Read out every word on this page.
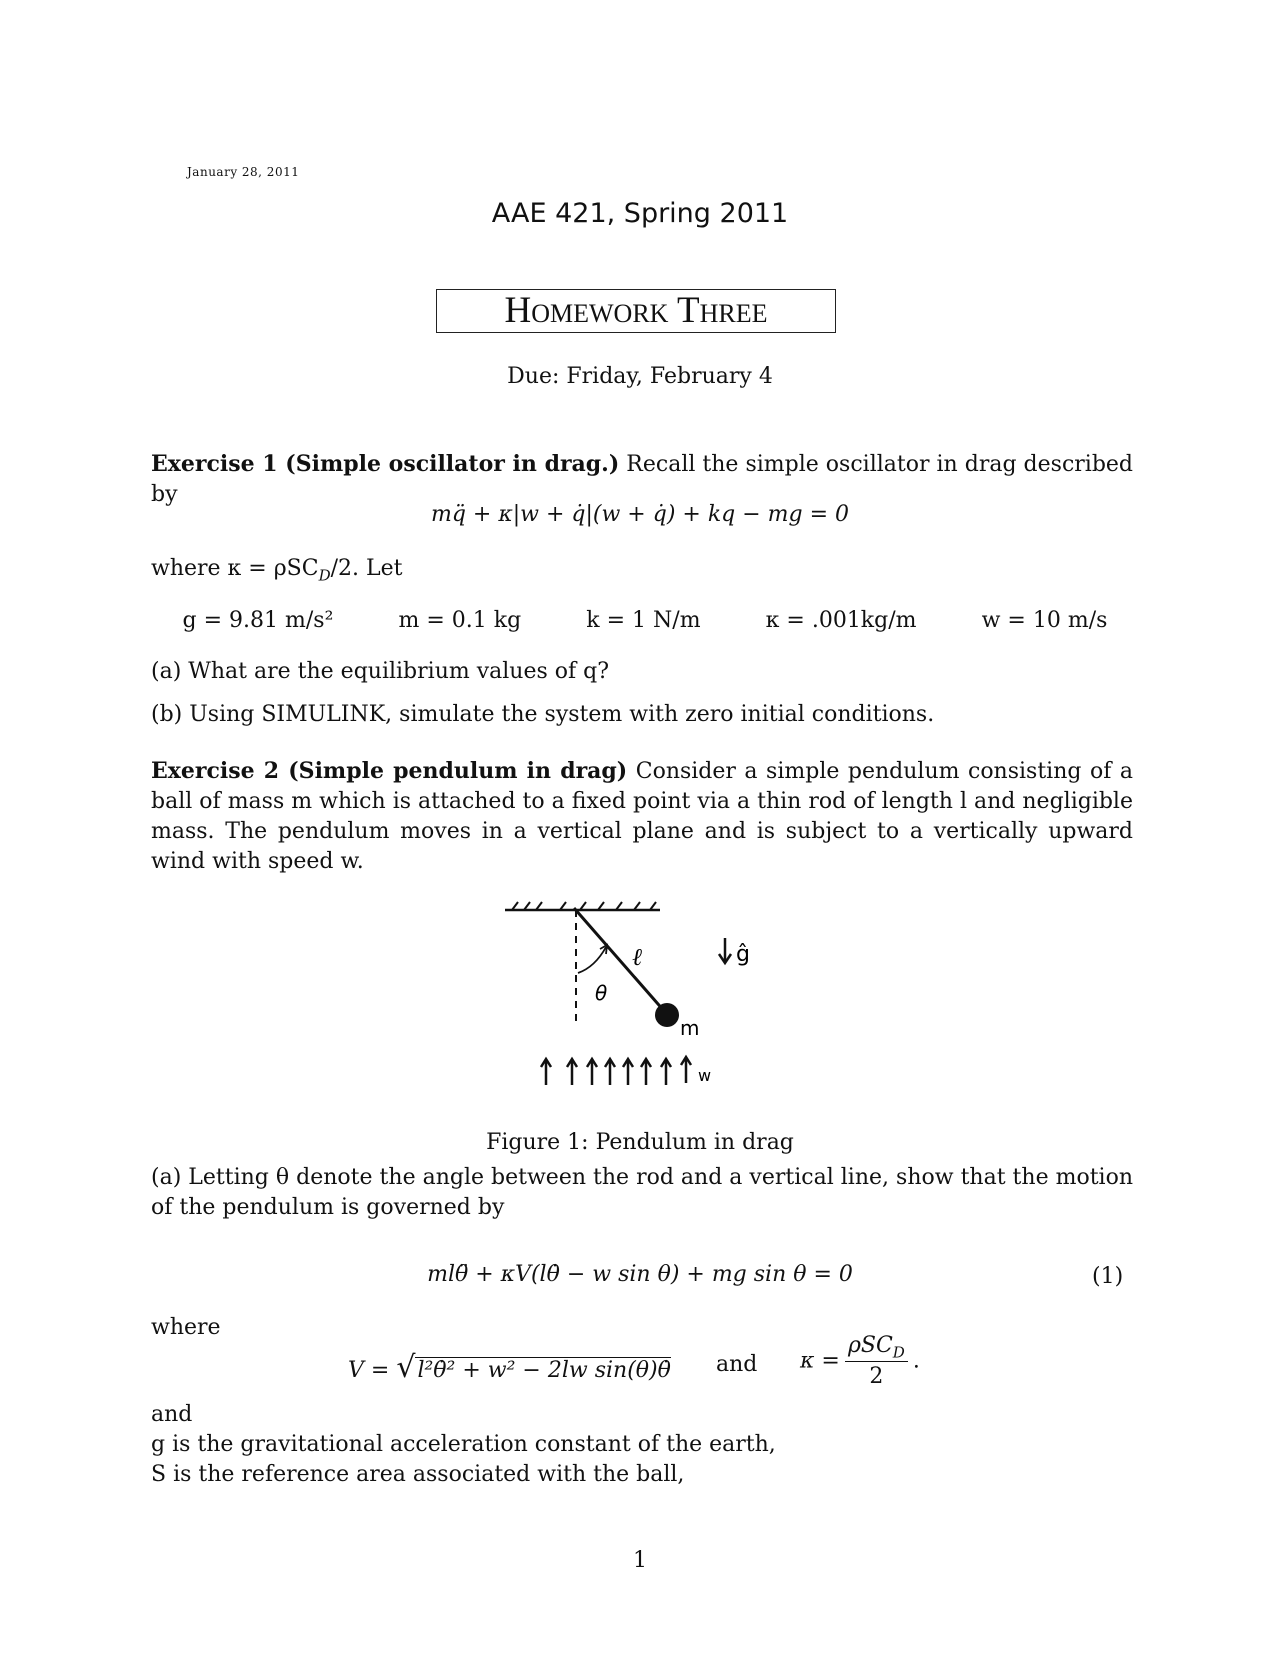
January 28, 2011
AAE 421, Spring 2011
Homework Three
Due: Friday, February 4
Exercise 1 (Simple oscillator in drag.) Recall the simple oscillator in drag described by
mq̈ + κ|w + q̇|(w + q̇) + kq − mg = 0
where κ = ρSC$_D$/2. Let
g = 9.81 m/s²	m = 0.1 kg	k = 1 N/m	κ = .001kg/m	w = 10 m/s
(a) What are the equilibrium values of q?
(b) Using SIMULINK, simulate the system with zero initial conditions.
Exercise 2 (Simple pendulum in drag) Consider a simple pendulum consisting of a ball of mass m which is attached to a fixed point via a thin rod of length l and negligible mass. The pendulum moves in a vertical plane and is subject to a vertically upward wind with speed w.
θ
ℓ
m
ĝ
w
Figure 1: Pendulum in drag
(a) Letting θ denote the angle between the rod and a vertical line, show that the motion of the pendulum is governed by
mlθ̈ + κV(lθ̇ − w sin θ) + mg sin θ = 0	(1)
where
V = √l²θ̇² + w² − 2lw sin(θ)θ̇ and $\kappa = \frac{\rho SC_D}{2}$ .
and
g is the gravitational acceleration constant of the earth,
S is the reference area associated with the ball,
1
